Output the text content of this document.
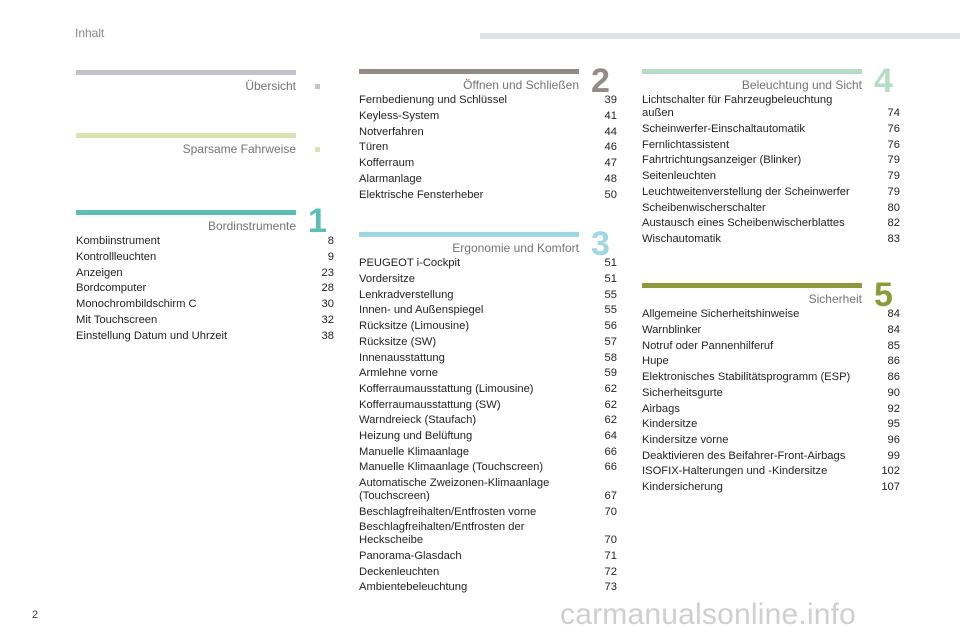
Inhalt
Übersicht
Sparsame Fahrweise
Bordinstrumente 1
Kombiinstrument	8
Kontrollleuchten	9
Anzeigen	23
Bordcomputer	28
Monochrombildschirm C	30
Mit Touchscreen	32
Einstellung Datum und Uhrzeit	38
Öffnen und Schließen 2
Fernbedienung und Schlüssel	39
Keyless-System	41
Notverfahren	44
Türen	46
Kofferraum	47
Alarmanlage	48
Elektrische Fensterheber	50
Ergonomie und Komfort 3
PEUGEOT i-Cockpit	51
Vordersitze	51
Lenkradverstellung	55
Innen- und Außenspiegel	55
Rücksitze (Limousine)	56
Rücksitze (SW)	57
Innenausstattung	58
Armlehne vorne	59
Kofferraumausstattung (Limousine)	62
Kofferraumausstattung (SW)	62
Warndreieck (Staufach)	62
Heizung und Belüftung	64
Manuelle Klimaanlage	66
Manuelle Klimaanlage (Touchscreen)	66
Automatische Zweizonen-Klimaanlage (Touchscreen)	67
Beschlagfreihalten/Entfrosten vorne	70
Beschlagfreihalten/Entfrosten der Heckscheibe	70
Panorama-Glasdach	71
Deckenleuchten	72
Ambientebeleuchtung	73
Beleuchtung und Sicht 4
Lichtschalter für Fahrzeugbeleuchtung außen	74
Scheinwerfer-Einschaltautomatik	76
Fernlichtassistent	76
Fahrtrichtungsanzeiger (Blinker)	79
Seitenleuchten	79
Leuchtweitenverstellung der Scheinwerfer	79
Scheibenwischerschalter	80
Austausch eines Scheibenwischerblattes	82
Wischautomatik	83
Sicherheit 5
Allgemeine Sicherheitshinweise	84
Warnblinker	84
Notruf oder Pannenhilferuf	85
Hupe	86
Elektronisches Stabilitätsprogramm (ESP)	86
Sicherheitsgurte	90
Airbags	92
Kindersitze	95
Kindersitze vorne	96
Deaktivieren des Beifahrer-Front-Airbags	99
ISOFIX-Halterungen und -Kindersitze	102
Kindersicherung	107
2	carmanualsonline.info
